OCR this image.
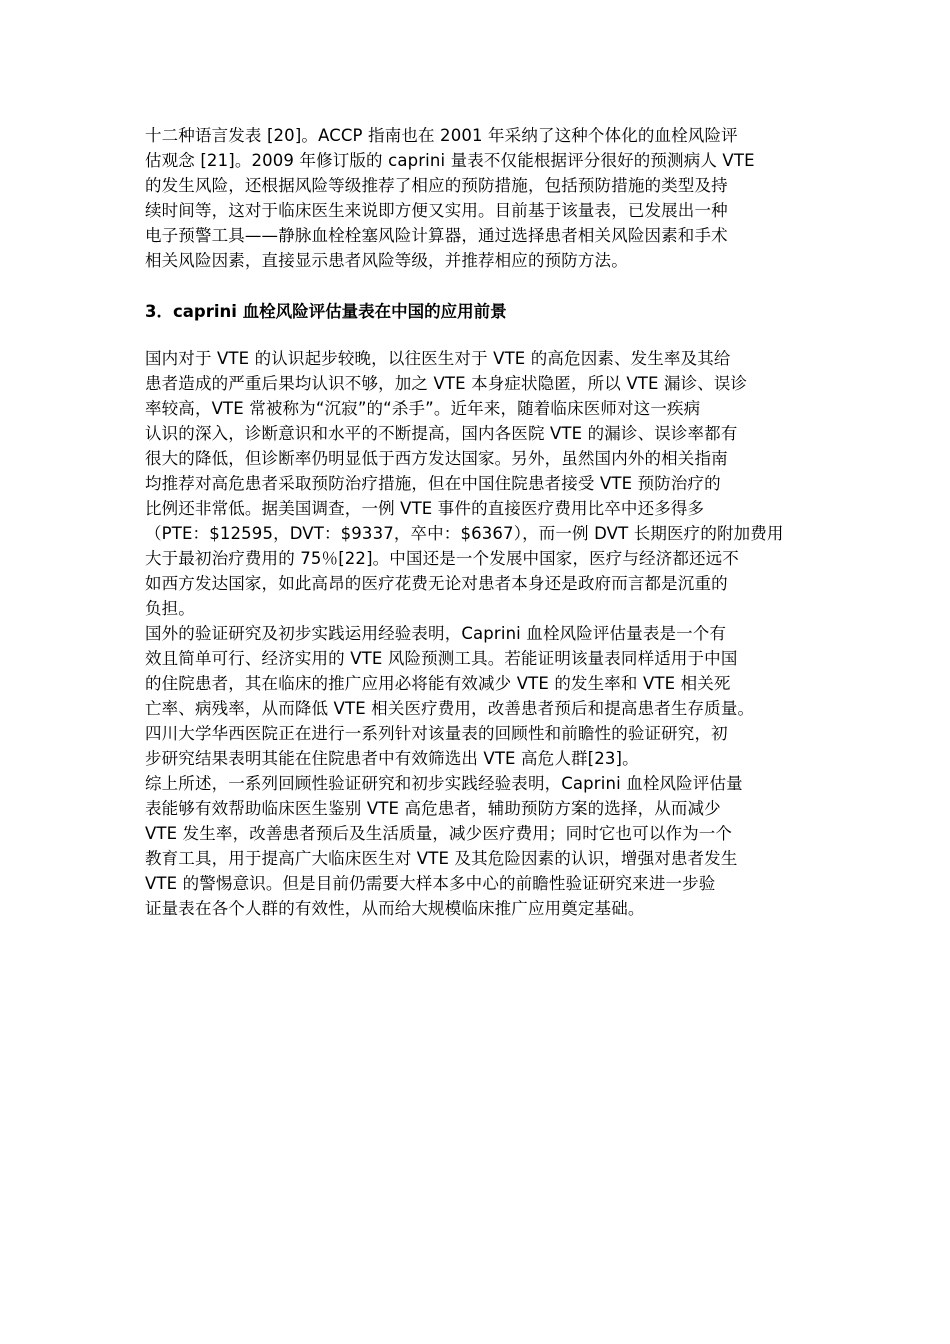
十二种语言发表 [20]。ACCP 指南也在 2001 年采纳了这种个体化的血栓风险评
估观念 [21]。2009 年修订版的 caprini 量表不仅能根据评分很好的预测病人 VTE
的发生风险，还根据风险等级推荐了相应的预防措施，包括预防措施的类型及持
续时间等，这对于临床医生来说即方便又实用。目前基于该量表，已发展出一种
电子预警工具——静脉血栓栓塞风险计算器，通过选择患者相关风险因素和手术
相关风险因素，直接显示患者风险等级，并推荐相应的预防方法。
3．caprini 血栓风险评估量表在中国的应用前景
国内对于 VTE 的认识起步较晚，以往医生对于 VTE 的高危因素、发生率及其给
患者造成的严重后果均认识不够，加之 VTE 本身症状隐匿，所以 VTE 漏诊、误诊
率较高，VTE 常被称为“沉寂”的“杀手”。近年来，随着临床医师对这一疾病
认识的深入，诊断意识和水平的不断提高，国内各医院 VTE 的漏诊、误诊率都有
很大的降低，但诊断率仍明显低于西方发达国家。另外，虽然国内外的相关指南
均推荐对高危患者采取预防治疗措施，但在中国住院患者接受 VTE 预防治疗的
比例还非常低。据美国调查，一例 VTE 事件的直接医疗费用比卒中还多得多
（PTE：$12595，DVT：$9337，卒中：$6367），而一例 DVT 长期医疗的附加费用
大于最初治疗费用的 75％[22]。中国还是一个发展中国家，医疗与经济都还远不
如西方发达国家，如此高昂的医疗花费无论对患者本身还是政府而言都是沉重的
负担。
国外的验证研究及初步实践运用经验表明，Caprini 血栓风险评估量表是一个有
效且简单可行、经济实用的 VTE 风险预测工具。若能证明该量表同样适用于中国
的住院患者，其在临床的推广应用必将能有效减少 VTE 的发生率和 VTE 相关死
亡率、病残率，从而降低 VTE 相关医疗费用，改善患者预后和提高患者生存质量。
四川大学华西医院正在进行一系列针对该量表的回顾性和前瞻性的验证研究，初
步研究结果表明其能在住院患者中有效筛选出 VTE 高危人群[23]。
综上所述，一系列回顾性验证研究和初步实践经验表明，Caprini 血栓风险评估量
表能够有效帮助临床医生鉴别 VTE 高危患者，辅助预防方案的选择，从而减少
VTE 发生率，改善患者预后及生活质量，减少医疗费用；同时它也可以作为一个
教育工具，用于提高广大临床医生对 VTE 及其危险因素的认识，增强对患者发生
VTE 的警惕意识。但是目前仍需要大样本多中心的前瞻性验证研究来进一步验
证量表在各个人群的有效性，从而给大规模临床推广应用奠定基础。
